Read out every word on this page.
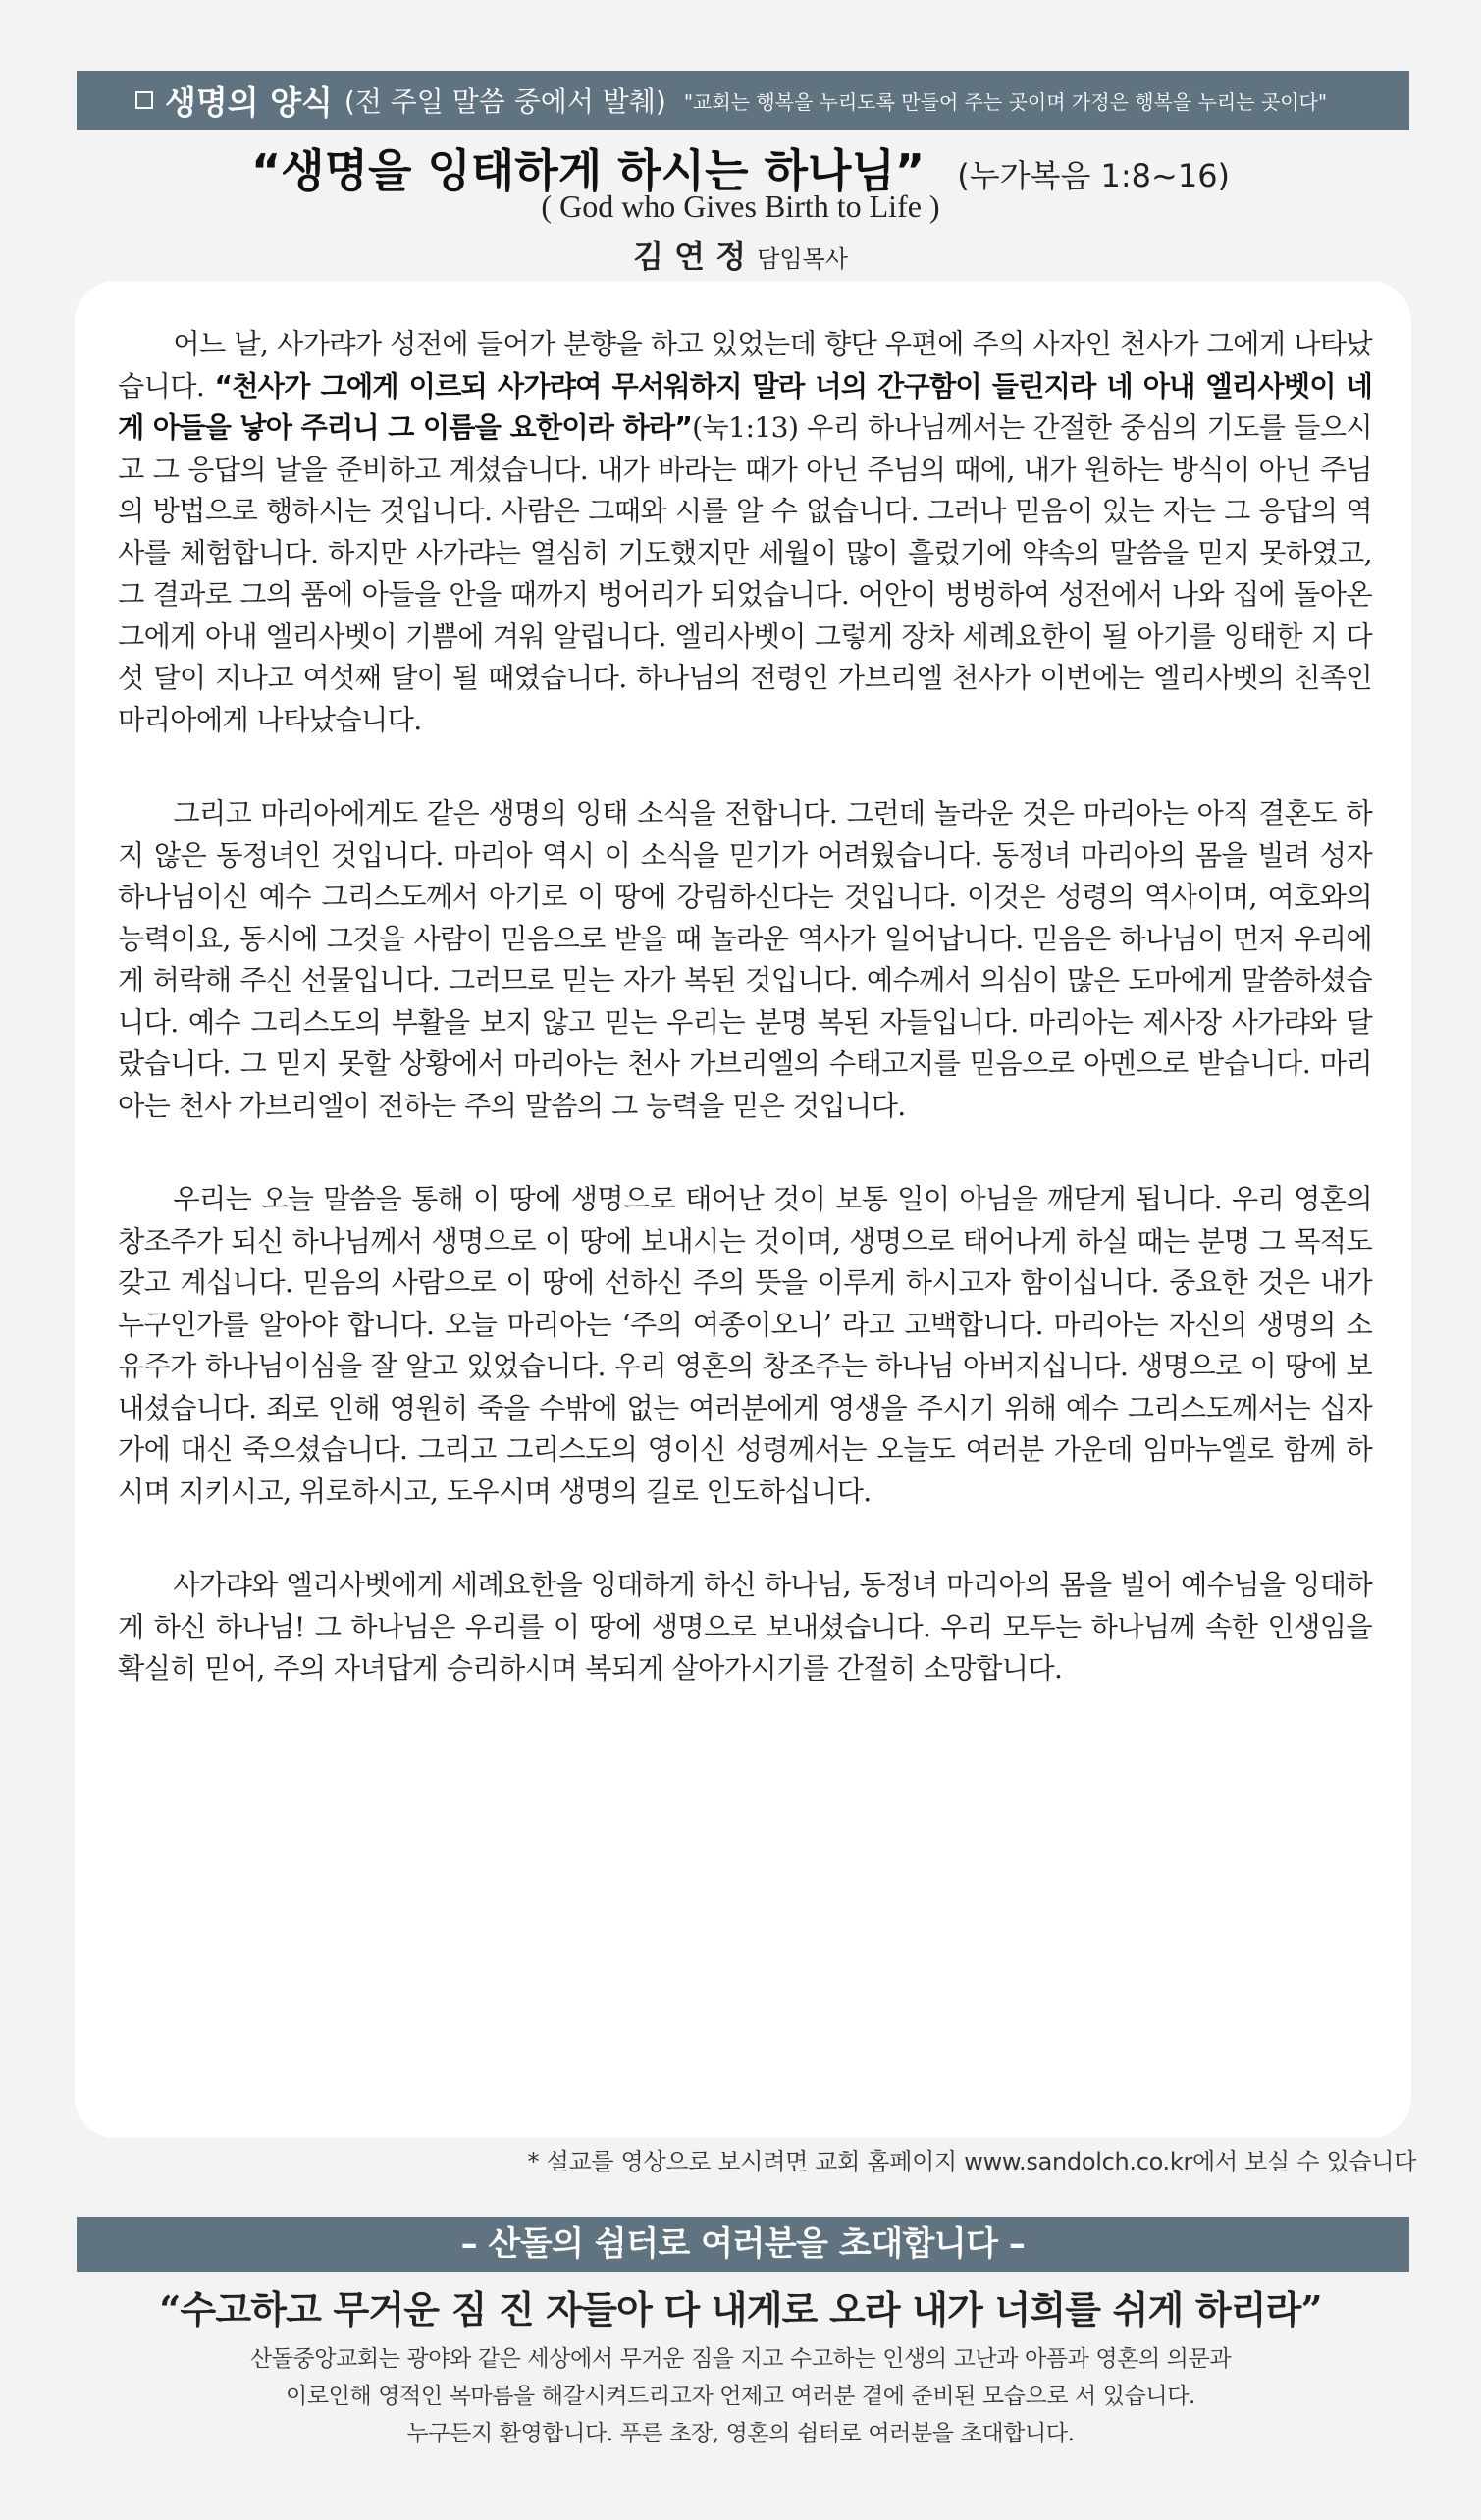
생명의 양식 (전 주일 말씀 중에서 발췌) "교회는 행복을 누리도록 만들어 주는 곳이며 가정은 행복을 누리는 곳이다"
“생명을 잉태하게 하시는 하나님” (누가복음 1:8~16)
( God who Gives Birth to Life )
김 연 정 담임목사

어느 날, 사가랴가 성전에 들어가 분향을 하고 있었는데 향단 우편에 주의 사자인 천사가 그에게 나타났습니다. “천사가 그에게 이르되 사가랴여 무서워하지 말라 너의 간구함이 들린지라 네 아내 엘리사벳이 네게 아들을 낳아 주리니 그 이름을 요한이라 하라”(눅1:13) 우리 하나님께서는 간절한 중심의 기도를 들으시고 그 응답의 날을 준비하고 계셨습니다. 내가 바라는 때가 아닌 주님의 때에, 내가 원하는 방식이 아닌 주님의 방법으로 행하시는 것입니다. 사람은 그때와 시를 알 수 없습니다. 그러나 믿음이 있는 자는 그 응답의 역사를 체험합니다. 하지만 사가랴는 열심히 기도했지만 세월이 많이 흘렀기에 약속의 말씀을 믿지 못하였고, 그 결과로 그의 품에 아들을 안을 때까지 벙어리가 되었습니다. 어안이 벙벙하여 성전에서 나와 집에 돌아온 그에게 아내 엘리사벳이 기쁨에 겨워 알립니다. 엘리사벳이 그렇게 장차 세례요한이 될 아기를 잉태한 지 다섯 달이 지나고 여섯째 달이 될 때였습니다. 하나님의 전령인 가브리엘 천사가 이번에는 엘리사벳의 친족인 마리아에게 나타났습니다.

그리고 마리아에게도 같은 생명의 잉태 소식을 전합니다. 그런데 놀라운 것은 마리아는 아직 결혼도 하지 않은 동정녀인 것입니다. 마리아 역시 이 소식을 믿기가 어려웠습니다. 동정녀 마리아의 몸을 빌려 성자 하나님이신 예수 그리스도께서 아기로 이 땅에 강림하신다는 것입니다. 이것은 성령의 역사이며, 여호와의 능력이요, 동시에 그것을 사람이 믿음으로 받을 때 놀라운 역사가 일어납니다. 믿음은 하나님이 먼저 우리에게 허락해 주신 선물입니다. 그러므로 믿는 자가 복된 것입니다. 예수께서 의심이 많은 도마에게 말씀하셨습니다. 예수 그리스도의 부활을 보지 않고 믿는 우리는 분명 복된 자들입니다. 마리아는 제사장 사가랴와 달랐습니다. 그 믿지 못할 상황에서 마리아는 천사 가브리엘의 수태고지를 믿음으로 아멘으로 받습니다. 마리아는 천사 가브리엘이 전하는 주의 말씀의 그 능력을 믿은 것입니다.

우리는 오늘 말씀을 통해 이 땅에 생명으로 태어난 것이 보통 일이 아님을 깨닫게 됩니다. 우리 영혼의 창조주가 되신 하나님께서 생명으로 이 땅에 보내시는 것이며, 생명으로 태어나게 하실 때는 분명 그 목적도 갖고 계십니다. 믿음의 사람으로 이 땅에 선하신 주의 뜻을 이루게 하시고자 함이십니다. 중요한 것은 내가 누구인가를 알아야 합니다. 오늘 마리아는 ‘주의 여종이오니’ 라고 고백합니다. 마리아는 자신의 생명의 소유주가 하나님이심을 잘 알고 있었습니다. 우리 영혼의 창조주는 하나님 아버지십니다. 생명으로 이 땅에 보내셨습니다. 죄로 인해 영원히 죽을 수밖에 없는 여러분에게 영생을 주시기 위해 예수 그리스도께서는 십자가에 대신 죽으셨습니다. 그리고 그리스도의 영이신 성령께서는 오늘도 여러분 가운데 임마누엘로 함께 하시며 지키시고, 위로하시고, 도우시며 생명의 길로 인도하십니다.

사가랴와 엘리사벳에게 세례요한을 잉태하게 하신 하나님, 동정녀 마리아의 몸을 빌어 예수님을 잉태하게 하신 하나님! 그 하나님은 우리를 이 땅에 생명으로 보내셨습니다. 우리 모두는 하나님께 속한 인생임을 확실히 믿어, 주의 자녀답게 승리하시며 복되게 살아가시기를 간절히 소망합니다.

* 설교를 영상으로 보시려면 교회 홈페이지 www.sandolch.co.kr에서 보실 수 있습니다
– 산돌의 쉼터로 여러분을 초대합니다 –
“수고하고 무거운 짐 진 자들아 다 내게로 오라 내가 너희를 쉬게 하리라”
산돌중앙교회는 광야와 같은 세상에서 무거운 짐을 지고 수고하는 인생의 고난과 아픔과 영혼의 의문과
이로인해 영적인 목마름을 해갈시켜드리고자 언제고 여러분 곁에 준비된 모습으로 서 있습니다.
누구든지 환영합니다. 푸른 초장, 영혼의 쉼터로 여러분을 초대합니다.
